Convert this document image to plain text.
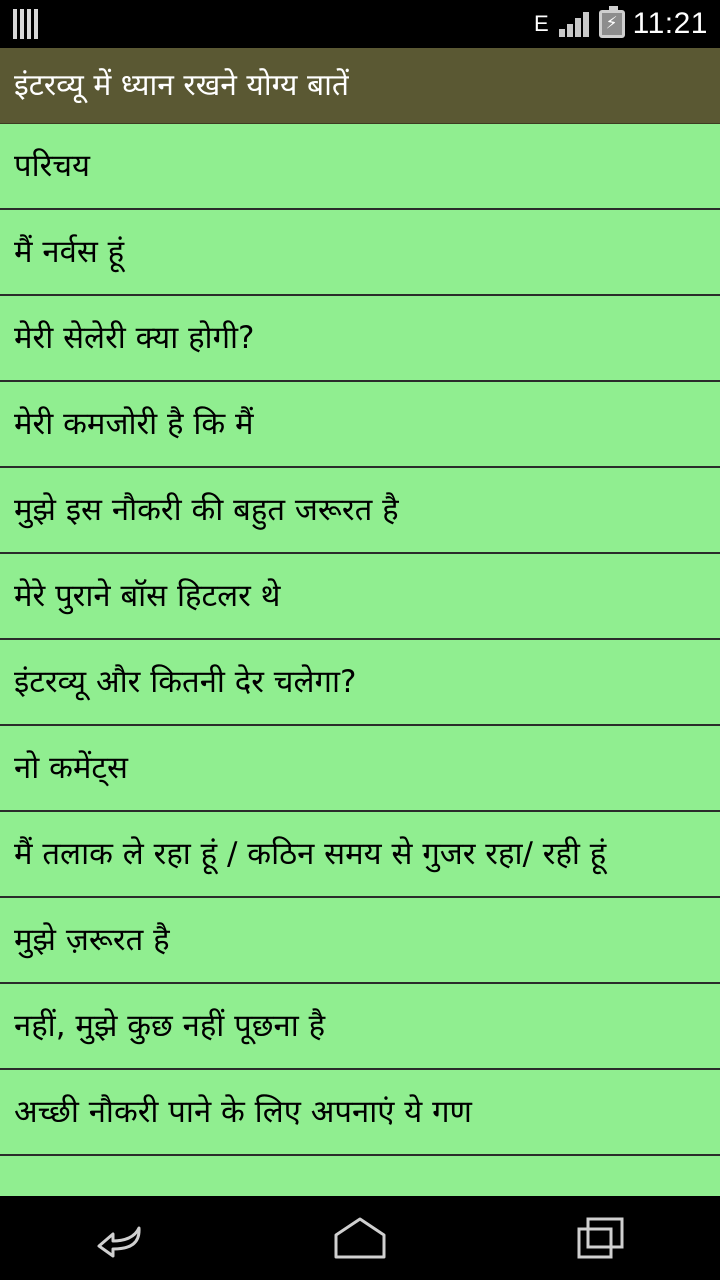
E	⚡ 11:21
इंटरव्यू में ध्यान रखने योग्य बातें
परिचय
मैं नर्वस हूं
मेरी सेलेरी क्या होगी?
मेरी कमजोरी है कि मैं
मुझे इस नौकरी की बहुत जरूरत है
मेरे पुराने बॉस हिटलर थे
इंटरव्यू और कितनी देर चलेगा?
नो कमेंट्स
मैं तलाक ले रहा हूं / कठिन समय से गुजर रहा/ रही हूं
मुझे ज़रूरत है
नहीं, मुझे कुछ नहीं पूछना है
अच्छी नौकरी पाने के लिए अपनाएं ये गण
